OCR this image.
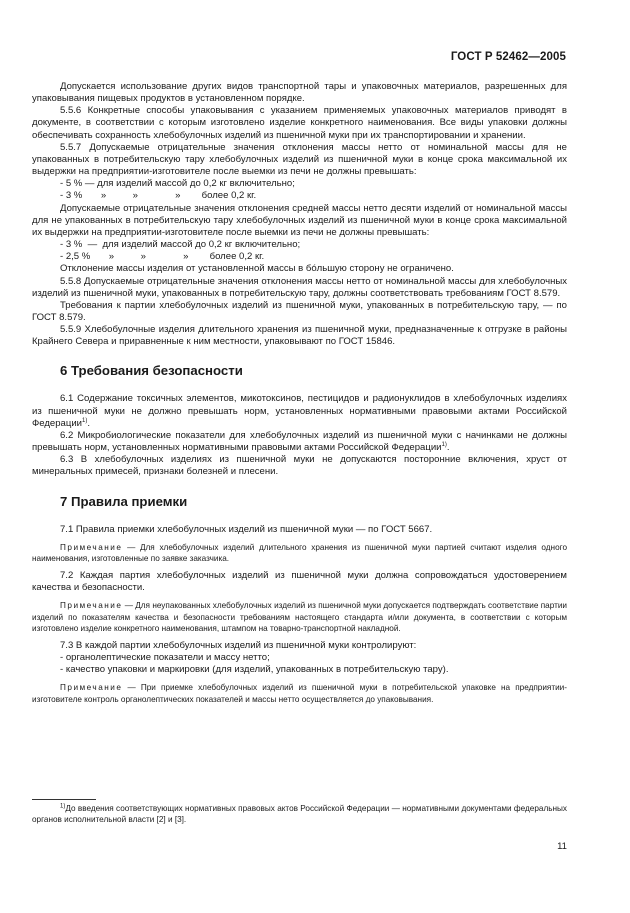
ГОСТ Р 52462—2005

Допускается использование других видов транспортной тары и упаковочных материалов, разрешенных для упаковывания пищевых продуктов в установленном порядке.

5.5.6 Конкретные способы упаковывания с указанием применяемых упаковочных материалов приводят в документе, в соответствии с которым изготовлено изделие конкретного наименования. Все виды упаковки должны обеспечивать сохранность хлебобулочных изделий из пшеничной муки при их транспортировании и хранении.

5.5.7 Допускаемые отрицательные значения отклонения массы нетто от номинальной массы для не упакованных в потребительскую тару хлебобулочных изделий из пшеничной муки в конце срока максимальной их выдержки на предприятии-изготовителе после выемки из печи не должны превышать:

- 5 % — для изделий массой до 0,2 кг включительно;
- 3 %       »          »              »        более 0,2 кг.

Допускаемые отрицательные значения отклонения средней массы нетто десяти изделий от номинальной массы для не упакованных в потребительскую тару хлебобулочных изделий из пшеничной муки в конце срока максимальной их выдержки на предприятии-изготовителе после выемки из печи не должны превышать:

- 3 %  —  для изделий массой до 0,2 кг включительно;
- 2,5 %       »          »              »        более 0,2 кг.

Отклонение массы изделия от установленной массы в бóльшую сторону не ограничено.

5.5.8 Допускаемые отрицательные значения отклонения массы нетто от номинальной массы для хлебобулочных изделий из пшеничной муки, упакованных в потребительскую тару, должны соответствовать требованиям ГОСТ 8.579.

Требования к партии хлебобулочных изделий из пшеничной муки, упакованных в потребительскую тару, — по ГОСТ 8.579.

5.5.9 Хлебобулочные изделия длительного хранения из пшеничной муки, предназначенные к отгрузке в районы Крайнего Севера и приравненные к ним местности, упаковывают по ГОСТ 15846.

6 Требования безопасности

6.1 Содержание токсичных элементов, микотоксинов, пестицидов и радионуклидов в хлебобулочных изделиях из пшеничной муки не должно превышать норм, установленных нормативными правовыми актами Российской Федерации$^{1)}$.

6.2 Микробиологические показатели для хлебобулочных изделий из пшеничной муки с начинками не должны превышать норм, установленных нормативными правовыми актами Российской Федерации$^{1)}$.

6.3 В хлебобулочных изделиях из пшеничной муки не допускаются посторонние включения, хруст от минеральных примесей, признаки болезней и плесени.

7 Правила приемки

7.1 Правила приемки хлебобулочных изделий из пшеничной муки — по ГОСТ 5667.

Примечание — Для хлебобулочных изделий длительного хранения из пшеничной муки партией считают изделия одного наименования, изготовленные по заявке заказчика.

7.2 Каждая партия хлебобулочных изделий из пшеничной муки должна сопровождаться удостоверением качества и безопасности.

Примечание — Для неупакованных хлебобулочных изделий из пшеничной муки допускается подтверждать соответствие партии изделий по показателям качества и безопасности требованиям настоящего стандарта и/или документа, в соответствии с которым изготовлено изделие конкретного наименования, штампом на товарно-транспортной накладной.

7.3 В каждой партии хлебобулочных изделий из пшеничной муки контролируют:

- органолептические показатели и массу нетто;
- качество упаковки и маркировки (для изделий, упакованных в потребительскую тару).

Примечание — При приемке хлебобулочных изделий из пшеничной муки в потребительской упаковке на предприятии-изготовителе контроль органолептических показателей и массы нетто осуществляется до упаковывания.

$^{1)}$До введения соответствующих нормативных правовых актов Российской Федерации — нормативными документами федеральных органов исполнительной власти [2] и [3].
11
